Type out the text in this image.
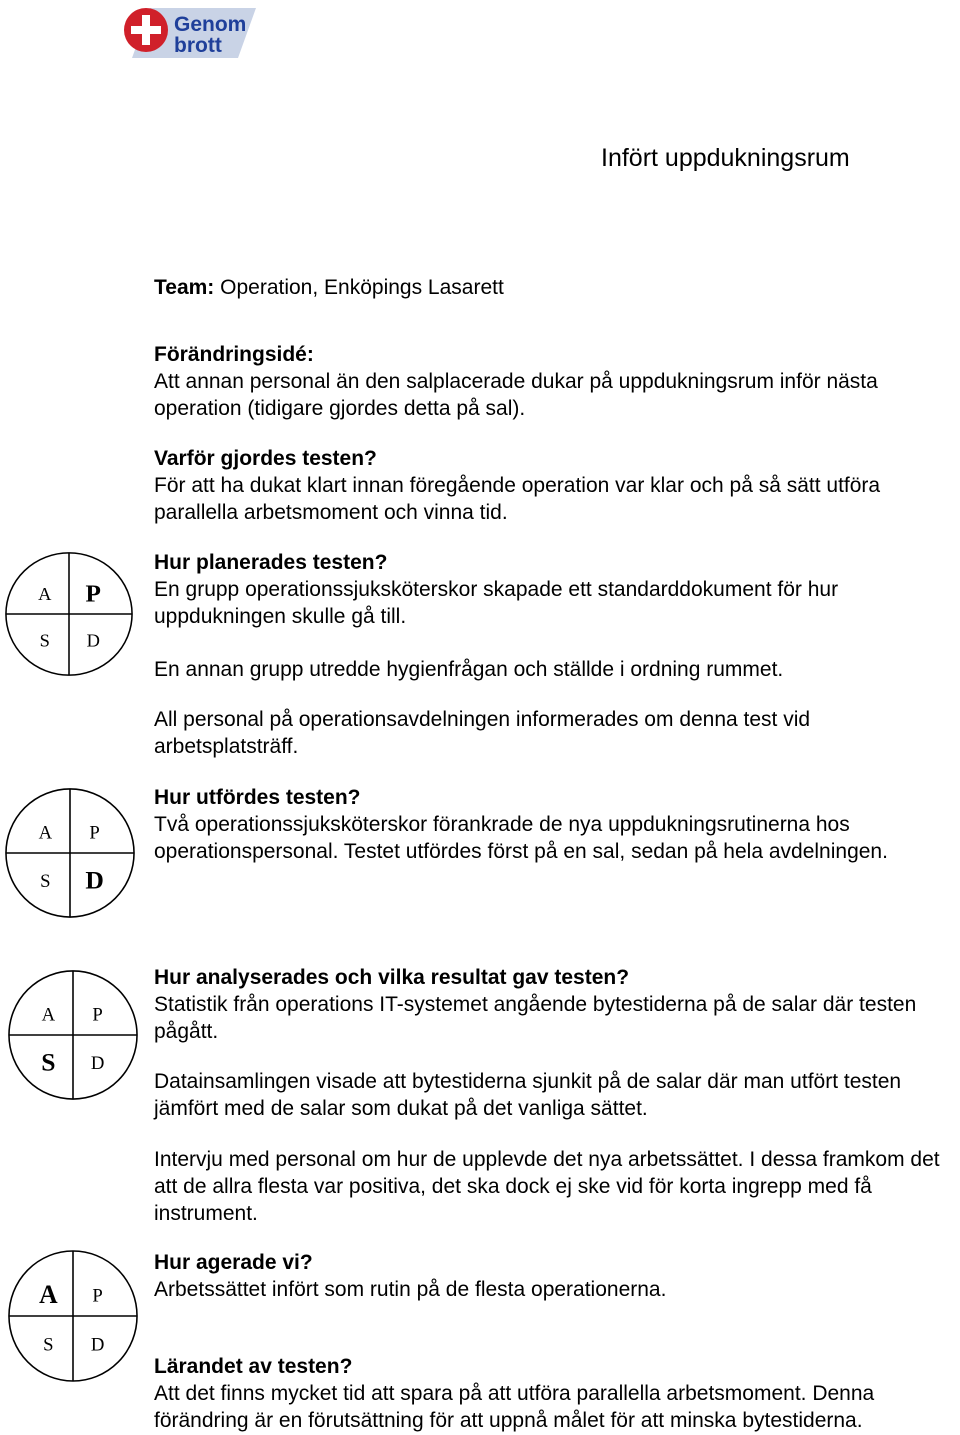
Genom
brott
Infört uppdukningsrum
Team: Operation, Enköpings Lasarett
Förändringsidé:

Att annan personal än den salplacerade dukar på uppdukningsrum inför nästa operation (tidigare gjordes detta på sal).

Varför gjordes testen?

För att ha dukat klart innan föregående operation var klar och på så sätt utföra parallella arbetsmoment och vinna tid.

Hur planerades testen?

En grupp operationssjuksköterskor skapade ett standarddokument för hur uppdukningen skulle gå till.

En annan grupp utredde hygienfrågan och ställde i ordning rummet.

All personal på operationsavdelningen informerades om denna test vid arbetsplatsträff.

Hur utfördes testen?

Två operationssjuksköterskor förankrade de nya uppdukningsrutinerna hos operationspersonal. Testet utfördes först på en sal, sedan på hela avdelningen.

Hur analyserades och vilka resultat gav testen?

Statistik från operations IT-systemet angående bytestiderna på de salar där testen pågått.

Datainsamlingen visade att bytestiderna sjunkit på de salar där man utfört testen jämfört med de salar som dukat på det vanliga sättet.

Intervju med personal om hur de upplevde det nya arbetssättet. I dessa framkom det att de allra flesta var positiva, det ska dock ej ske vid för korta ingrepp med få instrument.

Hur agerade vi?

Arbetssättet infört som rutin på de flesta operationerna.

Lärandet av testen?

Att det finns mycket tid att spara på att utföra parallella arbetsmoment. Denna förändring är en förutsättning för att uppnå målet för att minska bytestiderna.

A P
S D
A P
S D
A P
S D
A P
S D
